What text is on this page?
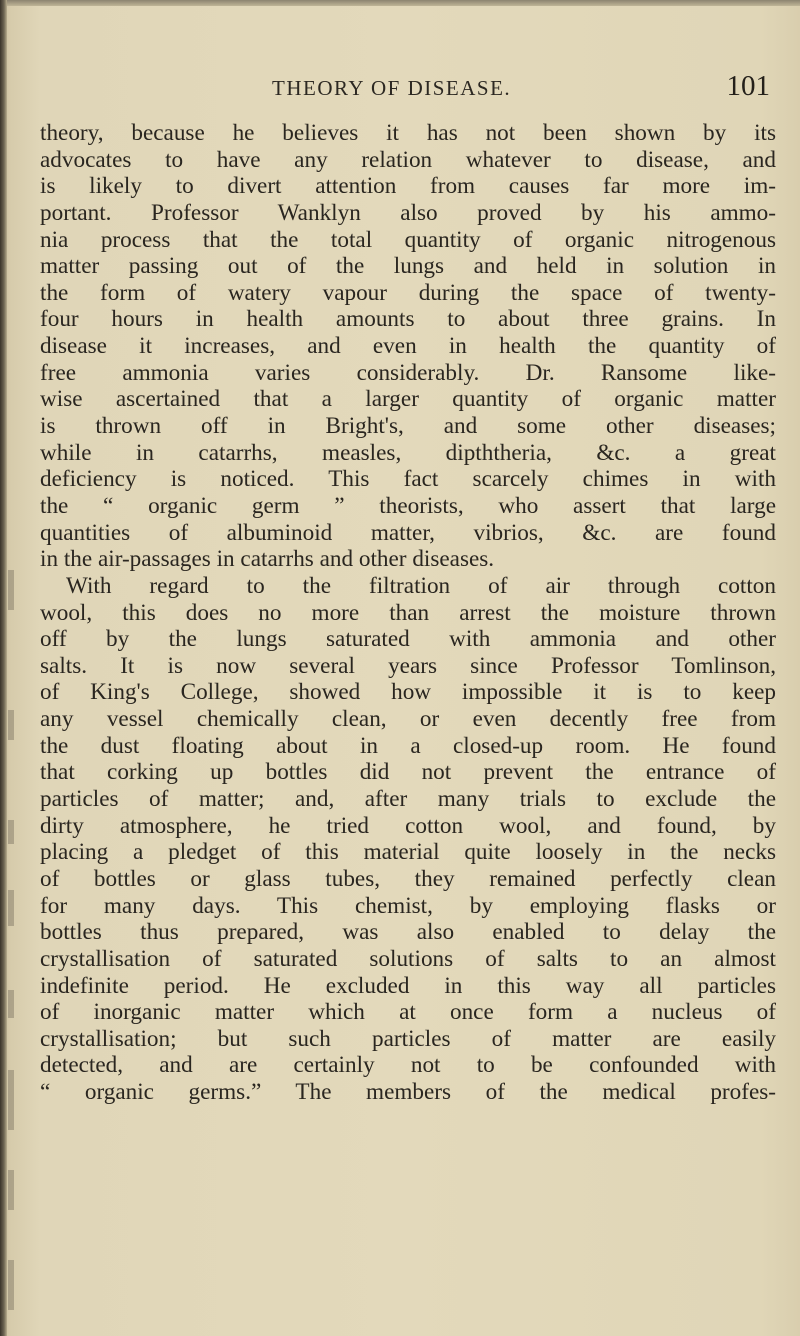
THEORY OF DISEASE.	101
theory, because he believes it has not been shown by its
advocates to have any relation whatever to disease, and
is likely to divert attention from causes far more im-
portant. Professor Wanklyn also proved by his ammo-
nia process that the total quantity of organic nitrogenous
matter passing out of the lungs and held in solution in
the form of watery vapour during the space of twenty-
four hours in health amounts to about three grains. In
disease it increases, and even in health the quantity of
free ammonia varies considerably. Dr. Ransome like-
wise ascertained that a larger quantity of organic matter
is thrown off in Bright's, and some other diseases;
while in catarrhs, measles, dipththeria, &c. a great
deficiency is noticed. This fact scarcely chimes in with
the “ organic germ ” theorists, who assert that large
quantities of albuminoid matter, vibrios, &c. are found
in the air-passages in catarrhs and other diseases.
With regard to the filtration of air through cotton
wool, this does no more than arrest the moisture thrown
off by the lungs saturated with ammonia and other
salts. It is now several years since Professor Tomlinson,
of King's College, showed how impossible it is to keep
any vessel chemically clean, or even decently free from
the dust floating about in a closed-up room. He found
that corking up bottles did not prevent the entrance of
particles of matter; and, after many trials to exclude the
dirty atmosphere, he tried cotton wool, and found, by
placing a pledget of this material quite loosely in the necks
of bottles or glass tubes, they remained perfectly clean
for many days. This chemist, by employing flasks or
bottles thus prepared, was also enabled to delay the
crystallisation of saturated solutions of salts to an almost
indefinite period. He excluded in this way all particles
of inorganic matter which at once form a nucleus of
crystallisation; but such particles of matter are easily
detected, and are certainly not to be confounded with
“ organic germs.” The members of the medical profes-
